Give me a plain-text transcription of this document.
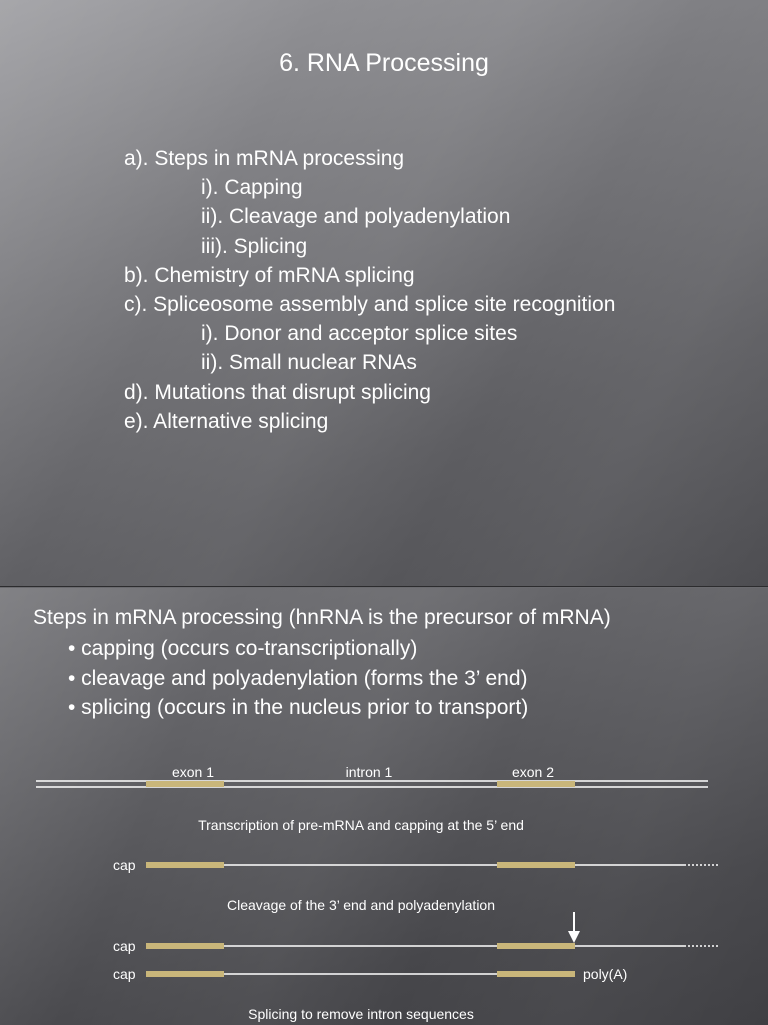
6. RNA Processing
a). Steps in mRNA processing
i). Capping
ii). Cleavage and polyadenylation
iii). Splicing
b). Chemistry of mRNA splicing
c). Spliceosome assembly and splice site recognition
i). Donor and acceptor splice sites
ii). Small nuclear RNAs
d). Mutations that disrupt splicing
e). Alternative splicing
Steps in mRNA processing (hnRNA is the precursor of mRNA)
• capping (occurs co-transcriptionally)
• cleavage and polyadenylation (forms the 3’ end)
• splicing (occurs in the nucleus prior to transport)
exon 1	intron 1	exon 2
Transcription of pre-mRNA and capping at the 5’ end
cap
Cleavage of the 3’ end and polyadenylation
cap
cap	poly(A)
Splicing to remove intron sequences
